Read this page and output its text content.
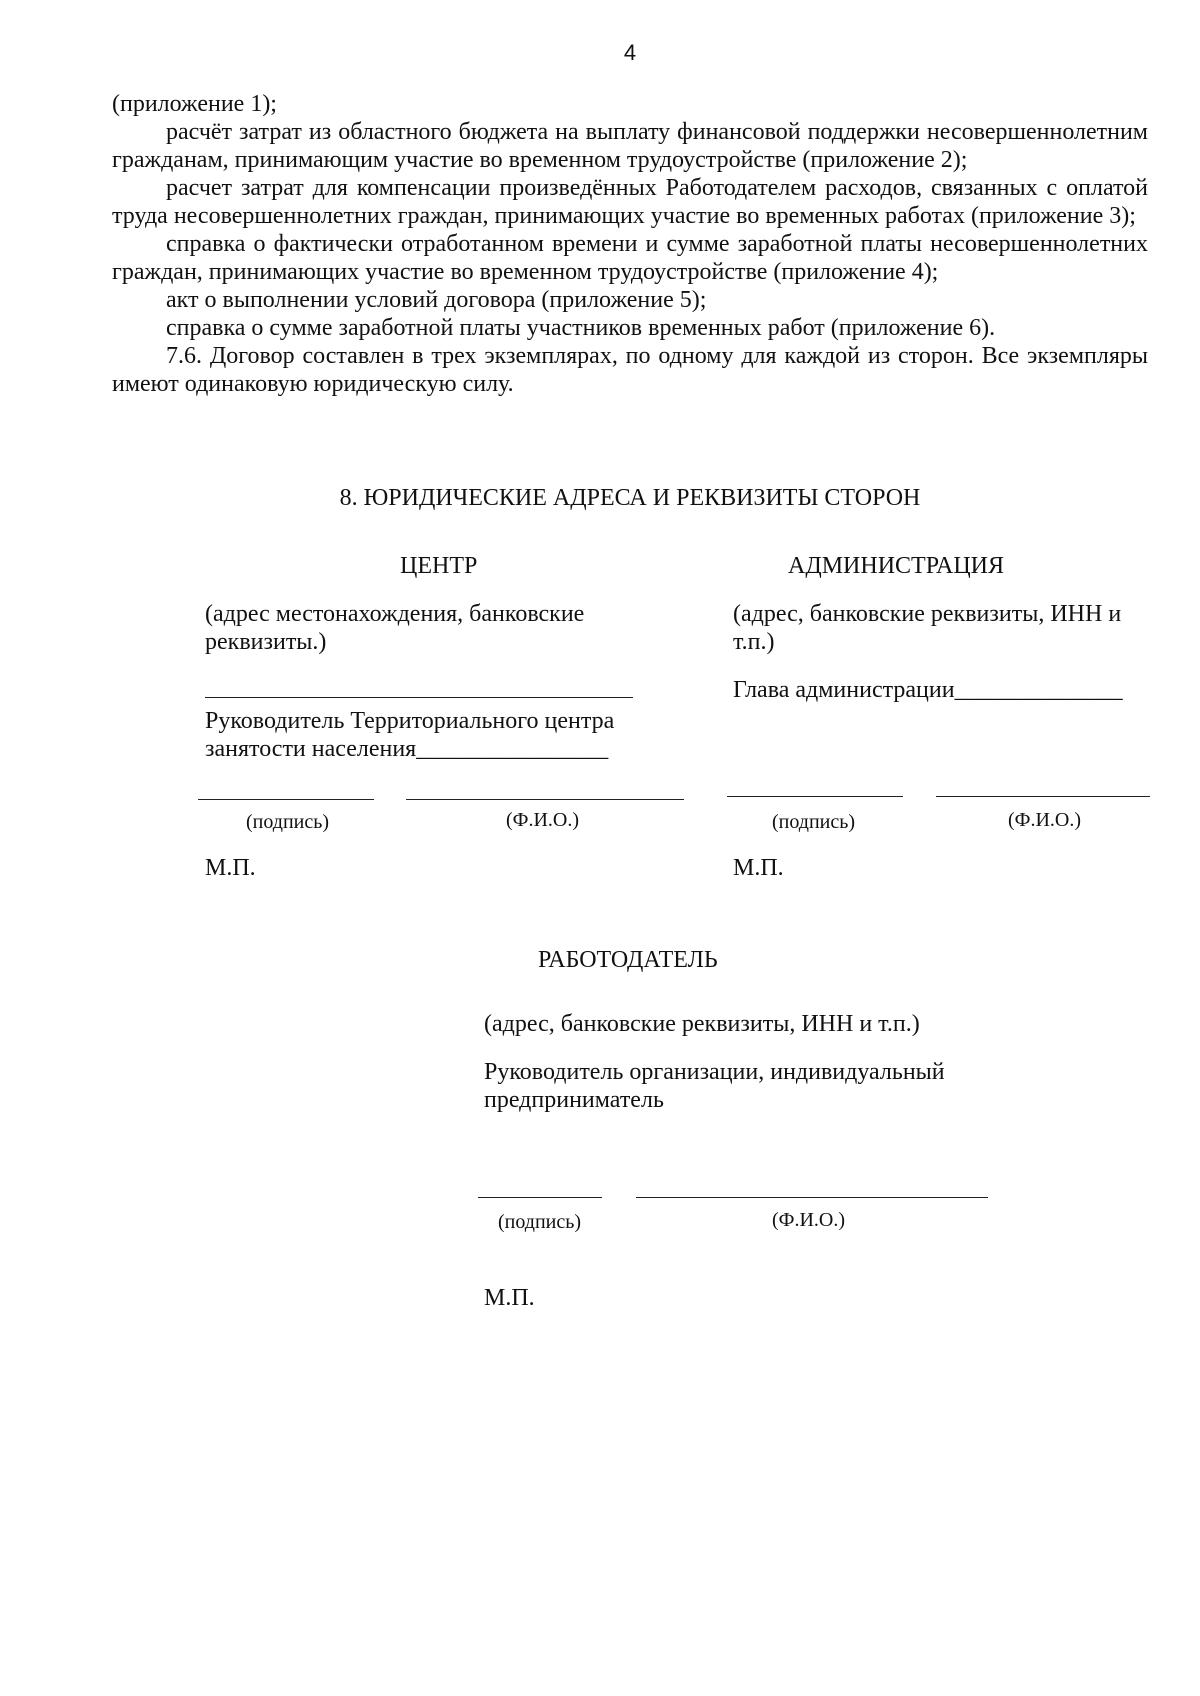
4

(приложение 1);

расчёт затрат из областного бюджета на выплату финансовой поддержки несовершеннолетним гражданам, принимающим участие во временном трудоустройстве (приложение 2);

расчет затрат для компенсации произведённых Работодателем расходов, связанных с оплатой труда несовершеннолетних граждан, принимающих участие во временных работах (приложение 3);

справка о фактически отработанном времени и сумме заработной платы несовершеннолетних граждан, принимающих участие во временном трудоустройстве (приложение 4);

акт о выполнении условий договора (приложение 5);

справка о сумме заработной платы участников временных работ (приложение 6).

7.6. Договор составлен в трех экземплярах, по одному для каждой из сторон. Все экземпляры имеют одинаковую юридическую силу.

8. ЮРИДИЧЕСКИЕ АДРЕСА И РЕКВИЗИТЫ СТОРОН
ЦЕНТР
(адрес местонахождения, банковские
реквизиты.)
Руководитель Территориального центра
занятости населения________________
(подпись)	(Ф.И.О.)
М.П.
АДМИНИСТРАЦИЯ
(адрес, банковские реквизиты, ИНН и
т.п.)
Глава администрации______________
(подпись)	(Ф.И.О.)
М.П.
РАБОТОДАТЕЛЬ
(адрес, банковские реквизиты, ИНН и т.п.)
Руководитель организации, индивидуальный
предприниматель
(подпись)	(Ф.И.О.)
М.П.
